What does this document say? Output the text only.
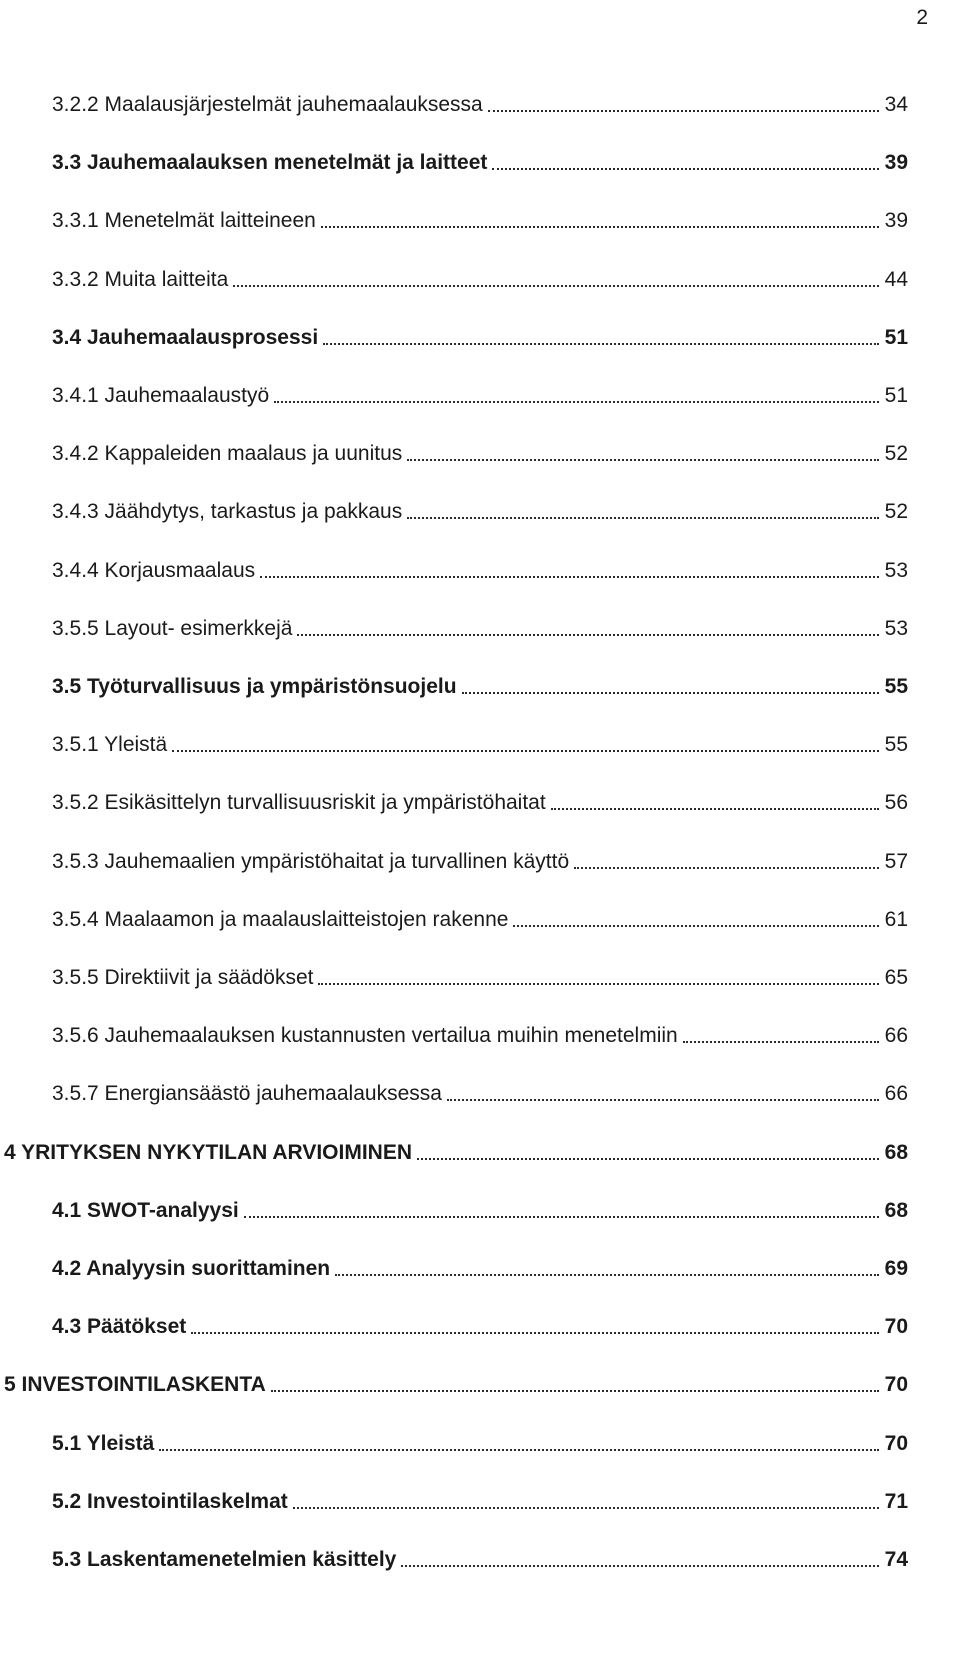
2
3.2.2 Maalausjärjestelmät jauhemaalauksessa	34
3.3 Jauhemaalauksen menetelmät ja laitteet	39
3.3.1 Menetelmät laitteineen	39
3.3.2 Muita laitteita	44
3.4 Jauhemaalausprosessi	51
3.4.1 Jauhemaalaustyö	51
3.4.2 Kappaleiden maalaus ja uunitus	52
3.4.3 Jäähdytys, tarkastus ja pakkaus	52
3.4.4 Korjausmaalaus	53
3.5.5 Layout- esimerkkejä	53
3.5 Työturvallisuus ja ympäristönsuojelu	55
3.5.1 Yleistä	55
3.5.2 Esikäsittelyn turvallisuusriskit ja ympäristöhaitat	56
3.5.3 Jauhemaalien ympäristöhaitat ja turvallinen käyttö	57
3.5.4 Maalaamon ja maalauslaitteistojen rakenne	61
3.5.5 Direktiivit ja säädökset	65
3.5.6 Jauhemaalauksen kustannusten vertailua muihin menetelmiin	66
3.5.7 Energiansäästö jauhemaalauksessa	66
4 YRITYKSEN NYKYTILAN ARVIOIMINEN	68
4.1 SWOT-analyysi	68
4.2 Analyysin suorittaminen	69
4.3 Päätökset	70
5 INVESTOINTILASKENTA	70
5.1 Yleistä	70
5.2 Investointilaskelmat	71
5.3 Laskentamenetelmien käsittely	74
